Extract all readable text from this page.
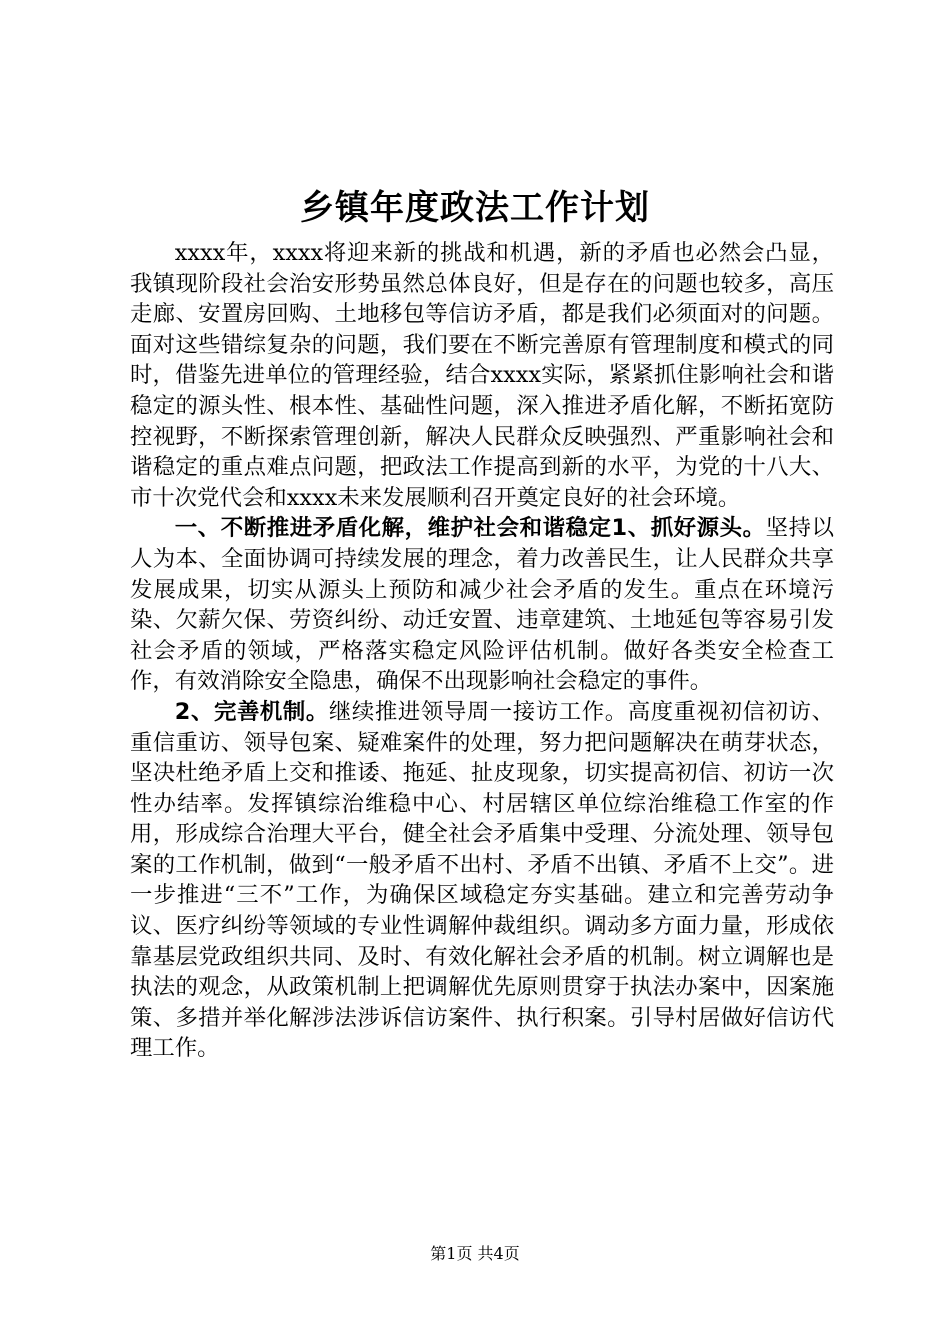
乡镇年度政法工作计划

xxxx年，xxxx将迎来新的挑战和机遇，新的矛盾也必然会凸显，我镇现阶段社会治安形势虽然总体良好，但是存在的问题也较多，高压走廊、安置房回购、土地移包等信访矛盾，都是我们必须面对的问题。面对这些错综复杂的问题，我们要在不断完善原有管理制度和模式的同时，借鉴先进单位的管理经验，结合xxxx实际，紧紧抓住影响社会和谐稳定的源头性、根本性、基础性问题，深入推进矛盾化解，不断拓宽防控视野，不断探索管理创新，解决人民群众反映强烈、严重影响社会和谐稳定的重点难点问题，把政法工作提高到新的水平，为党的十八大、市十次党代会和xxxx未来发展顺利召开奠定良好的社会环境。

一、不断推进矛盾化解，维护社会和谐稳定1、抓好源头。坚持以人为本、全面协调可持续发展的理念，着力改善民生，让人民群众共享发展成果，切实从源头上预防和减少社会矛盾的发生。重点在环境污染、欠薪欠保、劳资纠纷、动迁安置、违章建筑、土地延包等容易引发社会矛盾的领域，严格落实稳定风险评估机制。做好各类安全检查工作，有效消除安全隐患，确保不出现影响社会稳定的事件。

2、完善机制。继续推进领导周一接访工作。高度重视初信初访、重信重访、领导包案、疑难案件的处理，努力把问题解决在萌芽状态，坚决杜绝矛盾上交和推诿、拖延、扯皮现象，切实提高初信、初访一次性办结率。发挥镇综治维稳中心、村居辖区单位综治维稳工作室的作用，形成综合治理大平台，健全社会矛盾集中受理、分流处理、领导包案的工作机制，做到“一般矛盾不出村、矛盾不出镇、矛盾不上交”。进一步推进“三不”工作，为确保区域稳定夯实基础。建立和完善劳动争议、医疗纠纷等领域的专业性调解仲裁组织。调动多方面力量，形成依靠基层党政组织共同、及时、有效化解社会矛盾的机制。树立调解也是执法的观念，从政策机制上把调解优先原则贯穿于执法办案中，因案施策、多措并举化解涉法涉诉信访案件、执行积案。引导村居做好信访代理工作。

第1页 共4页
